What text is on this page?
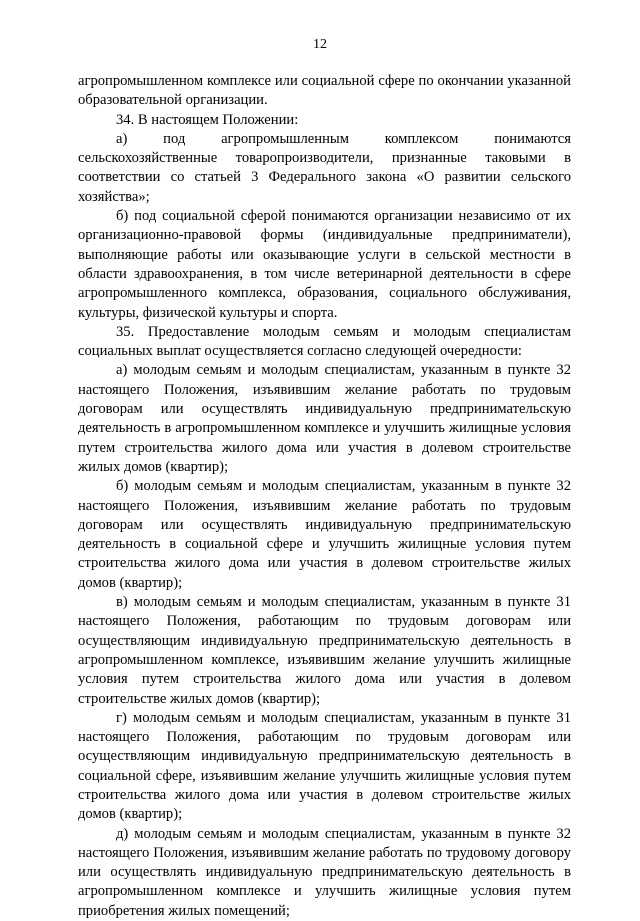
12

агропромышленном комплексе или социальной сфере по окончании указанной образовательной организации.

34. В настоящем Положении:

а) под агропромышленным комплексом понимаются сельскохозяйственные товаропроизводители, признанные таковыми в соответствии со статьей 3 Федерального закона «О развитии сельского хозяйства»;

б) под социальной сферой понимаются организации независимо от их организационно-правовой формы (индивидуальные предприниматели), выполняющие работы или оказывающие услуги в сельской местности в области здравоохранения, в том числе ветеринарной деятельности в сфере агропромышленного комплекса, образования, социального обслуживания, культуры, физической культуры и спорта.

35. Предоставление молодым семьям и молодым специалистам социальных выплат осуществляется согласно следующей очередности:

а) молодым семьям и молодым специалистам, указанным в пункте 32 настоящего Положения, изъявившим желание работать по трудовым договорам или осуществлять индивидуальную предпринимательскую деятельность в агропромышленном комплексе и улучшить жилищные условия путем строительства жилого дома или участия в долевом строительстве жилых домов (квартир);

б) молодым семьям и молодым специалистам, указанным в пункте 32 настоящего Положения, изъявившим желание работать по трудовым договорам или осуществлять индивидуальную предпринимательскую деятельность в социальной сфере и улучшить жилищные условия путем строительства жилого дома или участия в долевом строительстве жилых домов (квартир);

в) молодым семьям и молодым специалистам, указанным в пункте 31 настоящего Положения, работающим по трудовым договорам или осуществляющим индивидуальную предпринимательскую деятельность в агропромышленном комплексе, изъявившим желание улучшить жилищные условия путем строительства жилого дома или участия в долевом строительстве жилых домов (квартир);

г) молодым семьям и молодым специалистам, указанным в пункте 31 настоящего Положения, работающим по трудовым договорам или осуществляющим индивидуальную предпринимательскую деятельность в социальной сфере, изъявившим желание улучшить жилищные условия путем строительства жилого дома или участия в долевом строительстве жилых домов (квартир);

д) молодым семьям и молодым специалистам, указанным в пункте 32 настоящего Положения, изъявившим желание работать по трудовому договору или осуществлять индивидуальную предпринимательскую деятельность в агропромышленном комплексе и улучшить жилищные условия путем приобретения жилых помещений;
